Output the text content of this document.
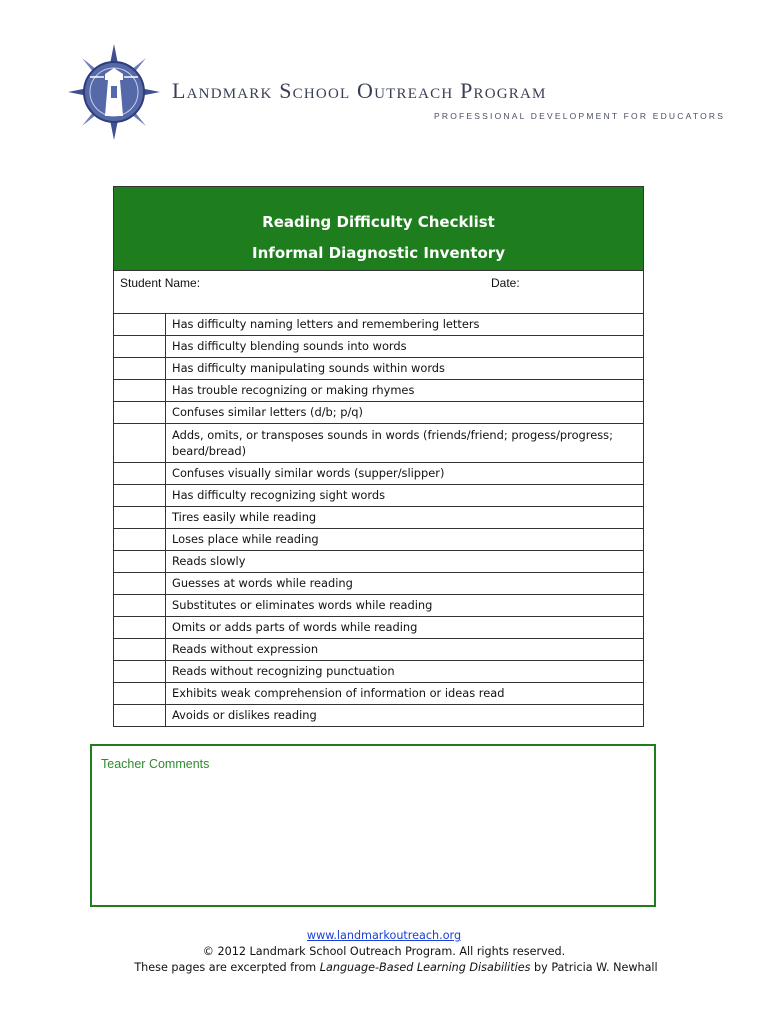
Landmark School Outreach Program
PROFESSIONAL DEVELOPMENT FOR EDUCATORS
Reading Difficulty Checklist
Informal Diagnostic Inventory
Student Name:	Date:
Has difficulty naming letters and remembering letters
Has difficulty blending sounds into words
Has difficulty manipulating sounds within words
Has trouble recognizing or making rhymes
Confuses similar letters (d/b; p/q)
Adds, omits, or transposes sounds in words (friends/friend; progess/progress; beard/bread)
Confuses visually similar words (supper/slipper)
Has difficulty recognizing sight words
Tires easily while reading
Loses place while reading
Reads slowly
Guesses at words while reading
Substitutes or eliminates words while reading
Omits or adds parts of words while reading
Reads without expression
Reads without recognizing punctuation
Exhibits weak comprehension of information or ideas read
Avoids or dislikes reading
Teacher Comments
www.landmarkoutreach.org
© 2012 Landmark School Outreach Program. All rights reserved.
These pages are excerpted from Language-Based Learning Disabilities by Patricia W. Newhall
